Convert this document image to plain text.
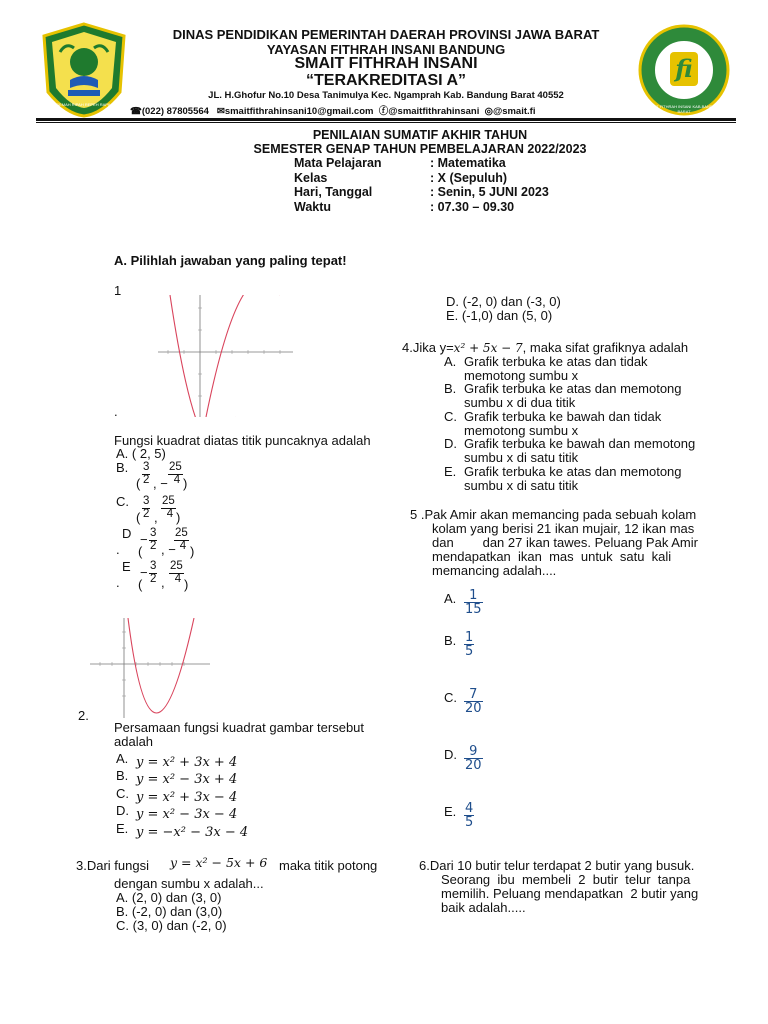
GEMAH RIPAH REPEH RAPIH
fi
SMAIT FITHRAH INSANI KAB.BANDUNG BARAT
DINAS PENDIDIKAN PEMERINTAH DAERAH PROVINSI JAWA BARAT
YAYASAN FITHRAH INSANI BANDUNG
SMAIT FITHRAH INSANI
“TERAKREDITASI A”
JL. H.Ghofur No.10 Desa Tanimulya Kec. Ngamprah Kab. Bandung Barat 40552
☎(022) 87805564 ✉smaitfithrahinsani10@gmail.com ⓕ@smaitfithrahinsani ◎@smait.fi
PENILAIAN SUMATIF AKHIR TAHUN
SEMESTER GENAP TAHUN PEMBELAJARAN 2022/2023
Mata Pelajaran	: Matematika
Kelas	: X (Sepuluh)
Hari, Tanggal	: Senin, 5 JUNI 2023
Waktu	: 07.30 – 09.30
A. Pilihlah jawaban yang paling tepat!
1
.
Fungsi kuadrat diatas titik puncaknya adalah
A. ( 2, 5)
B.
( $\frac{3}{2}$ , − $\frac{25}{4}$ )
C.
( $\frac{3}{2}$ , $\frac{25}{4}$ )
D
.
−
( $\frac{3}{2}$ , −
$\frac{25}{4}$ )
E
.
−
( $\frac{3}{2}$ , $\frac{25}{4}$ )
2.
Persamaan fungsi kuadrat gambar tersebut adalah
A. y = x² + 3x + 4
B. y = x² − 3x + 4
C. y = x² + 3x − 4
D. y = x² − 3x − 4
E. y = −x² − 3x − 4
3.Dari fungsi y = x² − 5x + 6 maka titik potong
dengan sumbu x adalah...
A. (2, 0) dan (3, 0)
B. (-2, 0) dan (3,0)
C. (3, 0) dan (-2, 0)
D. (-2, 0) dan (-3, 0)
E. (-1,0) dan (5, 0)
4.Jika y=x² + 5x − 7, maka sifat grafiknya adalah
A. Grafik terbuka ke atas dan tidak
memotong sumbu x
B. Grafik terbuka ke atas dan memotong
sumbu x di dua titik
C. Grafik terbuka ke bawah dan tidak
memotong sumbu x
D. Grafik terbuka ke bawah dan memotong
sumbu x di satu titik
E. Grafik terbuka ke atas dan memotong
sumbu x di satu titik
5 .Pak Amir akan memancing pada sebuah kolam
kolam yang berisi 21 ikan mujair, 12 ikan mas
dan        dan 27 ikan tawes. Peluang Pak Amir
mendapatkan  ikan  mas  untuk  satu  kali
memancing adalah....
A. $\frac{1}{15}$
B. $\frac{1}{5}$
C. $\frac{7}{20}$
D. $\frac{9}{20}$
E. $\frac{4}{5}$
6.Dari 10 butir telur terdapat 2 butir yang busuk.
Seorang  ibu  membeli  2  butir  telur  tanpa
memilih. Peluang mendapatkan  2 butir yang
baik adalah.....
